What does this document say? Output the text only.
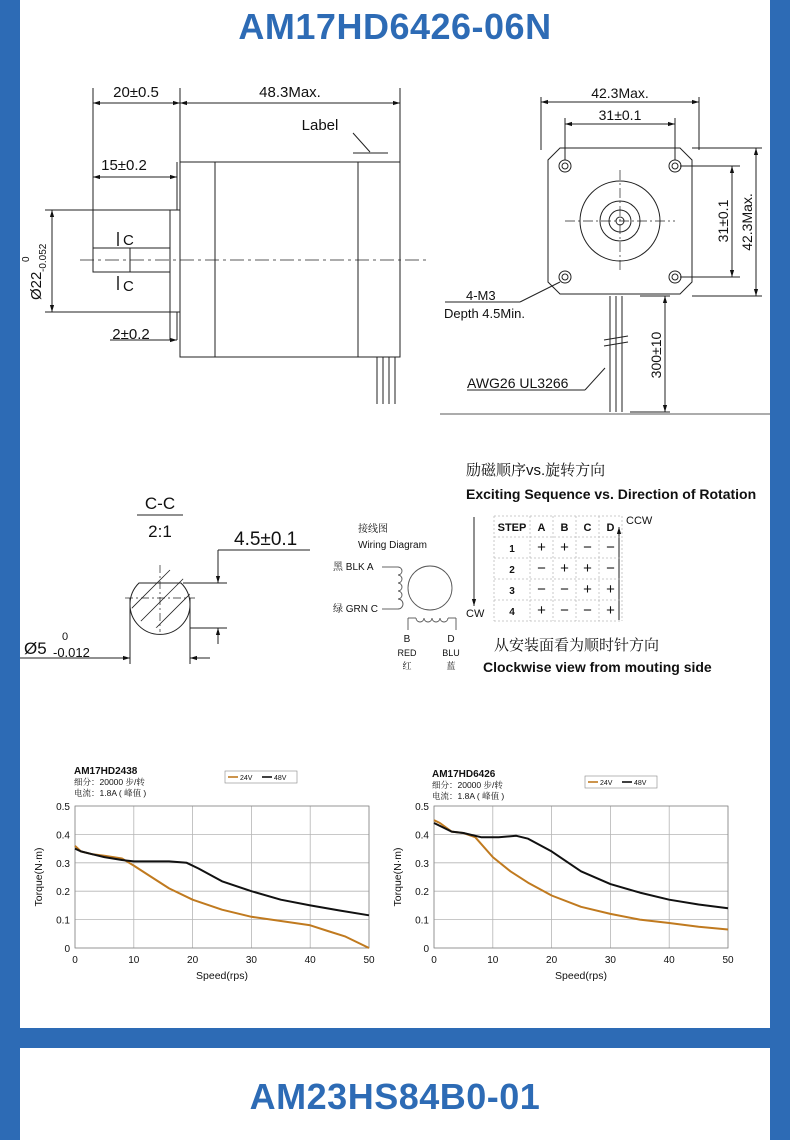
AM17HD6426-06N
20±0.5	48.3Max.
Label
15±0.2
2±0.2
C
C
Ø22
0 -0.052
42.3Max.
31±0.1
31±0.1 42.3Max.
4-M3
Depth 4.5Min.
AWG26 UL3266
300±10
C-C
2:1	4.5±0.1
Ø5
0
-0.012
接线图
Wiring Diagram
黑 BLK A
绿 GRN C
B
RED
红
D
BLU
蓝
励磁顺序vs.旋转方向
Exciting Sequence vs. Direction of Rotation
CCW
CW
STEP A B C D
1 + + − −
2 − + + −
3 − − + +
4 + − − +
从安装面看为顺时针方向
Clockwise view from mouting side
AM17HD2438
细分：20000 步/转
电流：1.8A ( 峰值 )
24V	48V
0	10	20	30	40	50
0
0.1
0.2
0.3
0.4
0.5
Speed(rps)
Torque(N·m)
AM17HD6426
细分：20000 步/转
电流：1.8A ( 峰值 )
24V	48V
0	10	20	30	40	50
0
0.1
0.2
0.3
0.4
0.5
Speed(rps)
Torque(N·m)
AM23HS84B0-01
